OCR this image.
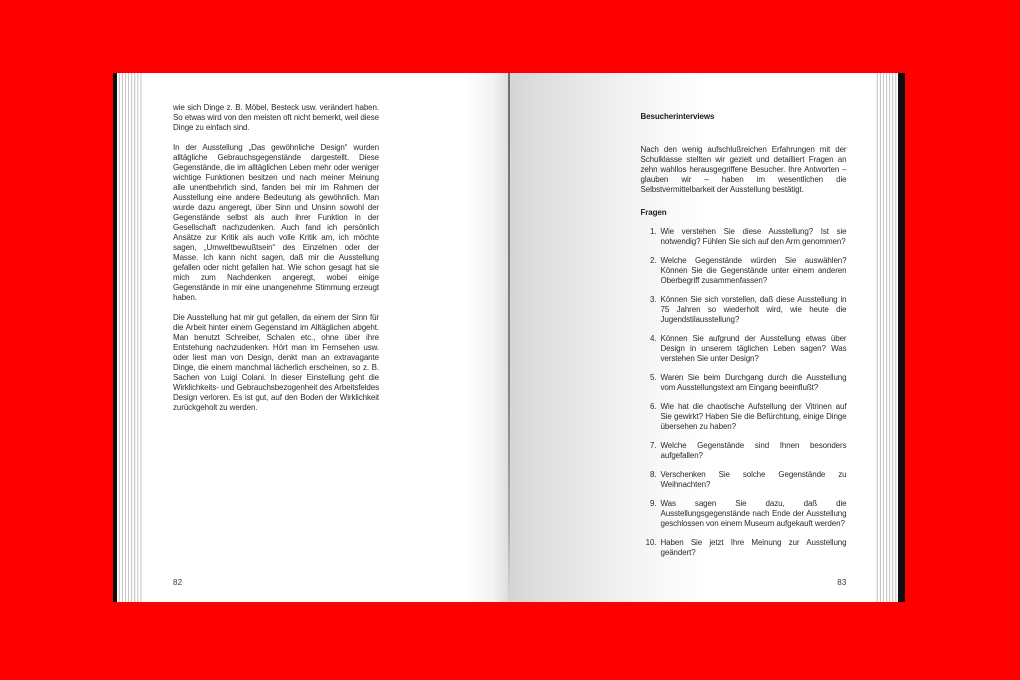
wie sich Dinge z. B. Möbel, Besteck usw. verändert haben. So etwas wird von den meisten oft nicht bemerkt, weil diese Dinge zu einfach sind.

In der Ausstellung „Das gewöhnliche Design“ wurden alltägliche Gebrauchsgegenstände dargestellt. Diese Gegenstände, die im alltäglichen Leben mehr oder weniger wichtige Funktionen besitzen und nach meiner Meinung alle unentbehrlich sind, fanden bei mir im Rahmen der Ausstellung eine andere Bedeutung als gewöhnlich. Man wurde dazu angeregt, über Sinn und Unsinn sowohl der Gegenstände selbst als auch ihrer Funktion in der Gesellschaft nachzudenken. Auch fand ich persönlich Ansätze zur Kritik als auch volle Kritik am, ich möchte sagen, „Umweltbewußtsein“ des Einzelnen oder der Masse. Ich kann nicht sagen, daß mir die Ausstellung gefallen oder nicht gefallen hat. Wie schon gesagt hat sie mich zum Nachdenken angeregt, wobei einige Gegenstände in mir eine unangenehme Stimmung erzeugt haben.

Die Ausstellung hat mir gut gefallen, da einem der Sinn für die Arbeit hinter einem Gegenstand im Alltäglichen abgeht. Man benutzt Schreiber, Schalen etc., ohne über ihre Entstehung nachzudenken. Hört man im Fernsehen usw. oder liest man von Design, denkt man an extravagante Dinge, die einem manchmal lächerlich erscheinen, so z. B. Sachen von Luigi Colani. In dieser Einstellung geht die Wirklichkeits- und Gebrauchsbezogenheit des Arbeitsfeldes Design verloren. Es ist gut, auf den Boden der Wirklichkeit zurückgeholt zu werden.

82
Besucherinterviews

Nach den wenig aufschlußreichen Erfahrungen mit der Schulklasse stellten wir gezielt und detailliert Fragen an zehn wahllos herausgegriffene Besucher. Ihre Antworten – glauben wir – haben im wesentlichen die Selbstvermittelbarkeit der Ausstellung bestätigt.

Fragen
1. Wie verstehen Sie diese Ausstellung? Ist sie notwendig? Fühlen Sie sich auf den Arm genommen?
2. Welche Gegenstände würden Sie auswählen? Können Sie die Gegenstände unter einem anderen Oberbegriff zusammenfassen?
3. Können Sie sich vorstellen, daß diese Ausstellung in 75 Jahren so wiederholt wird, wie heute die Jugendstilausstellung?
4. Können Sie aufgrund der Ausstellung etwas über Design in unserem täglichen Leben sagen? Was verstehen Sie unter Design?
5. Waren Sie beim Durchgang durch die Ausstellung vom Ausstellungstext am Eingang beeinflußt?
6. Wie hat die chaotische Aufstellung der Vitrinen auf Sie gewirkt? Haben Sie die Befürchtung, einige Dinge übersehen zu haben?
7. Welche Gegenstände sind Ihnen besonders aufgefallen?
8. Verschenken Sie solche Gegenstände zu Weihnachten?
9. Was sagen Sie dazu, daß die Ausstellungsgegenstände nach Ende der Ausstellung geschlossen von einem Museum aufgekauft werden?
10. Haben Sie jetzt Ihre Meinung zur Ausstellung geändert?
83
